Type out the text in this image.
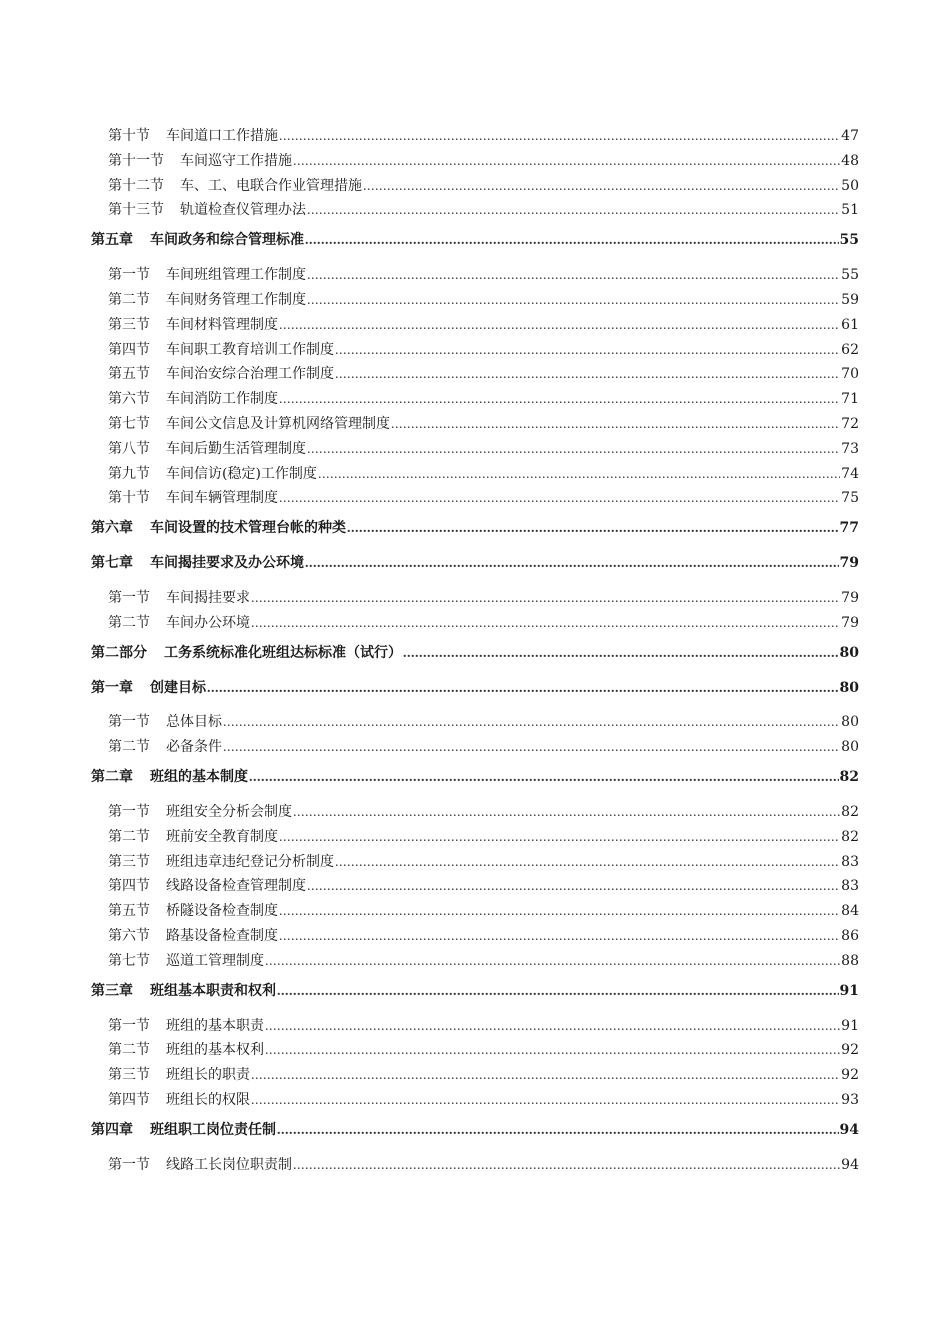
第十节 车间道口工作措施 .....	47
第十一节 车间巡守工作措施 .....	48
第十二节 车、工、电联合作业管理措施 .....	50
第十三节 轨道检查仪管理办法 .....	51
第五章 车间政务和综合管理标准 .....	55
第一节 车间班组管理工作制度 .....	55
第二节 车间财务管理工作制度 .....	59
第三节 车间材料管理制度 .....	61
第四节 车间职工教育培训工作制度 .....	62
第五节 车间治安综合治理工作制度 .....	70
第六节 车间消防工作制度 .....	71
第七节 车间公文信息及计算机网络管理制度 .....	72
第八节 车间后勤生活管理制度 .....	73
第九节 车间信访(稳定)工作制度 .....	74
第十节 车间车辆管理制度 .....	75
第六章 车间设置的技术管理台帐的种类 .....	77
第七章 车间揭挂要求及办公环境 .....	79
第一节 车间揭挂要求 .....	79
第二节 车间办公环境 .....	79
第二部分 工务系统标准化班组达标标准（试行） .....	80
第一章 创建目标 .....	80
第一节 总体目标 .....	80
第二节 必备条件 .....	80
第二章 班组的基本制度 .....	82
第一节 班组安全分析会制度 .....	82
第二节 班前安全教育制度 .....	82
第三节 班组违章违纪登记分析制度 .....	83
第四节 线路设备检查管理制度 .....	83
第五节 桥隧设备检查制度 .....	84
第六节 路基设备检查制度 .....	86
第七节 巡道工管理制度 .....	88
第三章 班组基本职责和权利 .....	91
第一节 班组的基本职责 .....	91
第二节 班组的基本权利 .....	92
第三节 班组长的职责 .....	92
第四节 班组长的权限 .....	93
第四章 班组职工岗位责任制 .....	94
第一节 线路工长岗位职责制 .....	94
